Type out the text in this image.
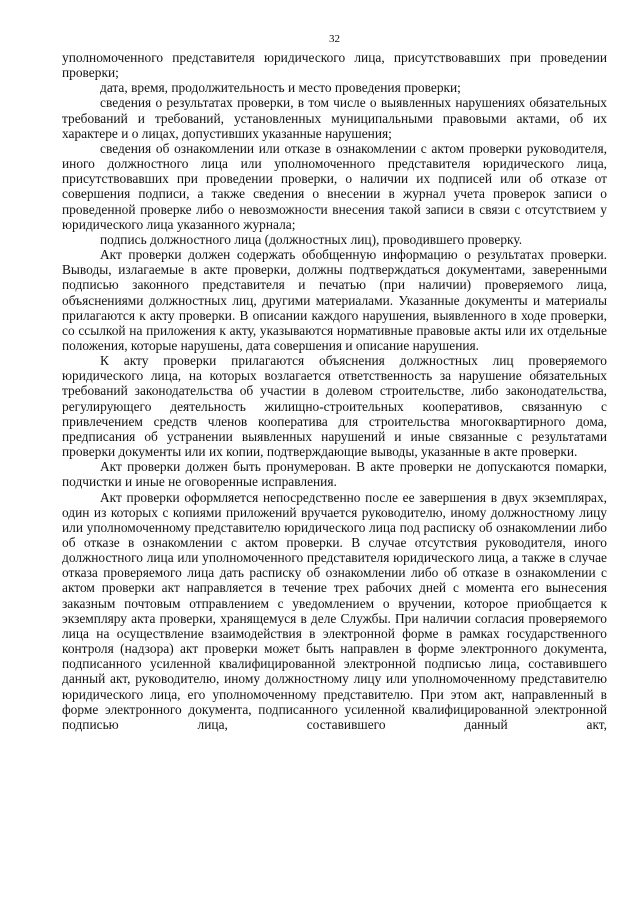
32

уполномоченного представителя юридического лица, присутствовавших при проведении проверки;

дата, время, продолжительность и место проведения проверки;

сведения о результатах проверки, в том числе о выявленных нарушениях обязательных требований и требований, установленных муниципальными правовыми актами, об их характере и о лицах, допустивших указанные нарушения;

сведения об ознакомлении или отказе в ознакомлении с актом проверки руководителя, иного должностного лица или уполномоченного представителя юридического лица, присутствовавших при проведении проверки, о наличии их подписей или об отказе от совершения подписи, а также сведения о внесении в журнал учета проверок записи о проведенной проверке либо о невозможности внесения такой записи в связи с отсутствием у юридического лица указанного журнала;

подпись должностного лица (должностных лиц), проводившего проверку.

Акт проверки должен содержать обобщенную информацию о результатах проверки. Выводы, излагаемые в акте проверки, должны подтверждаться документами, заверенными подписью законного представителя и печатью (при наличии) проверяемого лица, объяснениями должностных лиц, другими материалами. Указанные документы и материалы прилагаются к акту проверки. В описании каждого нарушения, выявленного в ходе проверки, со ссылкой на приложения к акту, указываются нормативные правовые акты или их отдельные положения, которые нарушены, дата совершения и описание нарушения.

К акту проверки прилагаются объяснения должностных лиц проверяемого юридического лица, на которых возлагается ответственность за нарушение обязательных требований законодательства об участии в долевом строительстве, либо законодательства, регулирующего деятельность жилищно-строительных кооперативов, связанную с привлечением средств членов кооператива для строительства многоквартирного дома, предписания об устранении выявленных нарушений и иные связанные с результатами проверки документы или их копии, подтверждающие выводы, указанные в акте проверки.

Акт проверки должен быть пронумерован. В акте проверки не допускаются помарки, подчистки и иные не оговоренные исправления.

Акт проверки оформляется непосредственно после ее завершения в двух экземплярах, один из которых с копиями приложений вручается руководителю, иному должностному лицу или уполномоченному представителю юридического лица под расписку об ознакомлении либо об отказе в ознакомлении с актом проверки. В случае отсутствия руководителя, иного должностного лица или уполномоченного представителя юридического лица, а также в случае отказа проверяемого лица дать расписку об ознакомлении либо об отказе в ознакомлении с актом проверки акт направляется в течение трех рабочих дней с момента его вынесения заказным почтовым отправлением с уведомлением о вручении, которое приобщается к экземпляру акта проверки, хранящемуся в деле Службы. При наличии согласия проверяемого лица на осуществление взаимодействия в электронной форме в рамках государственного контроля (надзора) акт проверки может быть направлен в форме электронного документа, подписанного усиленной квалифицированной электронной подписью лица, составившего данный акт, руководителю, иному должностному лицу или уполномоченному представителю юридического лица, его уполномоченному представителю. При этом акт, направленный в форме электронного документа, подписанного усиленной квалифицированной электронной подписью лица, составившего данный акт,
